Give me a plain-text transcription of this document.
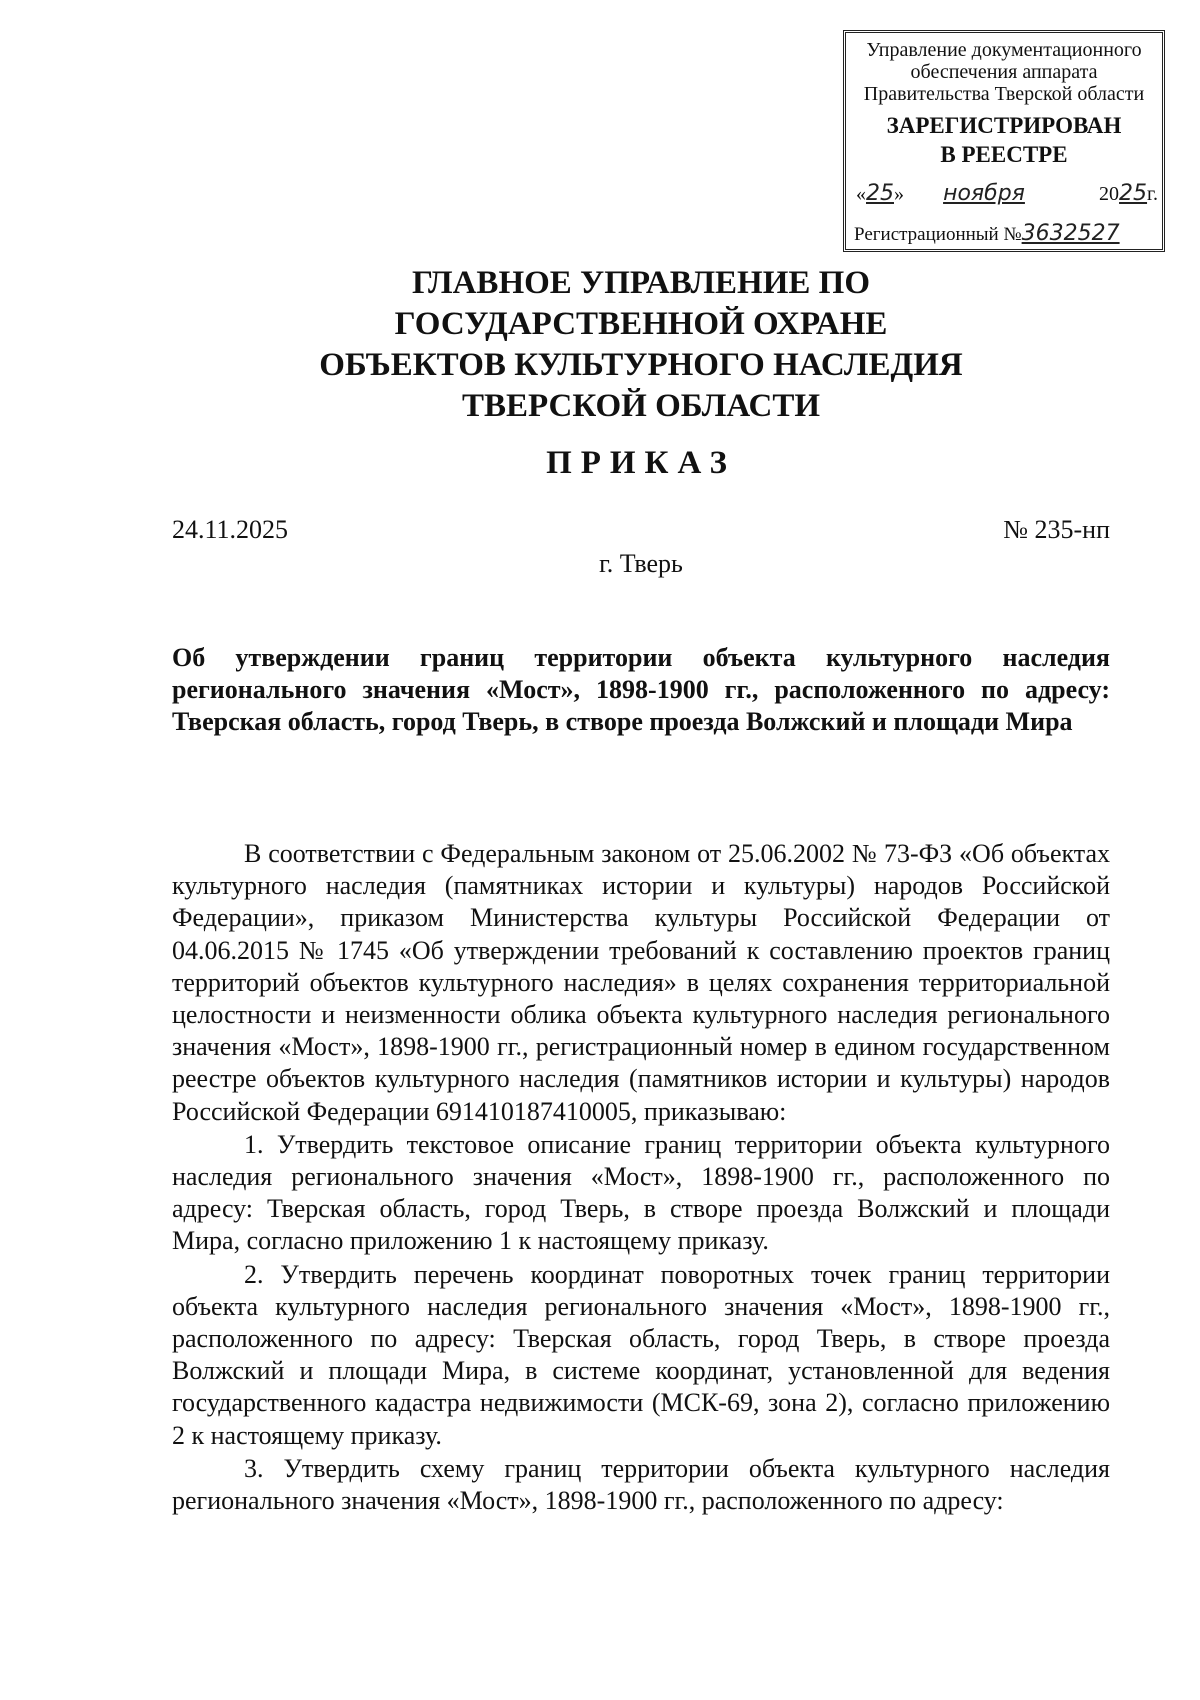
Управление документационного
обеспечения аппарата
Правительства Тверской области
ЗАРЕГИСТРИРОВАН
В РЕЕСТРЕ
«25» ноября	2025г.
Регистрационный №3632527
ГЛАВНОЕ УПРАВЛЕНИЕ ПО
ГОСУДАРСТВЕННОЙ ОХРАНЕ
ОБЪЕКТОВ КУЛЬТУРНОГО НАСЛЕДИЯ
ТВЕРСКОЙ ОБЛАСТИ
ПРИКАЗ
24.11.2025	№ 235-нп
г. Тверь
Об утверждении границ территории объекта культурного наследия регионального значения «Мост», 1898-1900 гг., расположенного по адресу: Тверская область, город Тверь, в створе проезда Волжский и площади Мира

В соответствии с Федеральным законом от 25.06.2002 № 73-ФЗ «Об объектах культурного наследия (памятниках истории и культуры) народов Российской Федерации», приказом Министерства культуры Российской Федерации от 04.06.2015 № 1745 «Об утверждении требований к составлению проектов границ территорий объектов культурного наследия» в целях сохранения территориальной целостности и неизменности облика объекта культурного наследия регионального значения «Мост», 1898-1900 гг., регистрационный номер в едином государственном реестре объектов культурного наследия (памятников истории и культуры) народов Российской Федерации 691410187410005, приказываю:

1. Утвердить текстовое описание границ территории объекта культурного наследия регионального значения «Мост», 1898-1900 гг., расположенного по адресу: Тверская область, город Тверь, в створе проезда Волжский и площади Мира, согласно приложению 1 к настоящему приказу.

2. Утвердить перечень координат поворотных точек границ территории объекта культурного наследия регионального значения «Мост», 1898-1900 гг., расположенного по адресу: Тверская область, город Тверь, в створе проезда Волжский и площади Мира, в системе координат, установленной для ведения государственного кадастра недвижимости (МСК-69, зона 2), согласно приложению 2 к настоящему приказу.

3. Утвердить схему границ территории объекта культурного наследия регионального значения «Мост», 1898-1900 гг., расположенного по адресу:
